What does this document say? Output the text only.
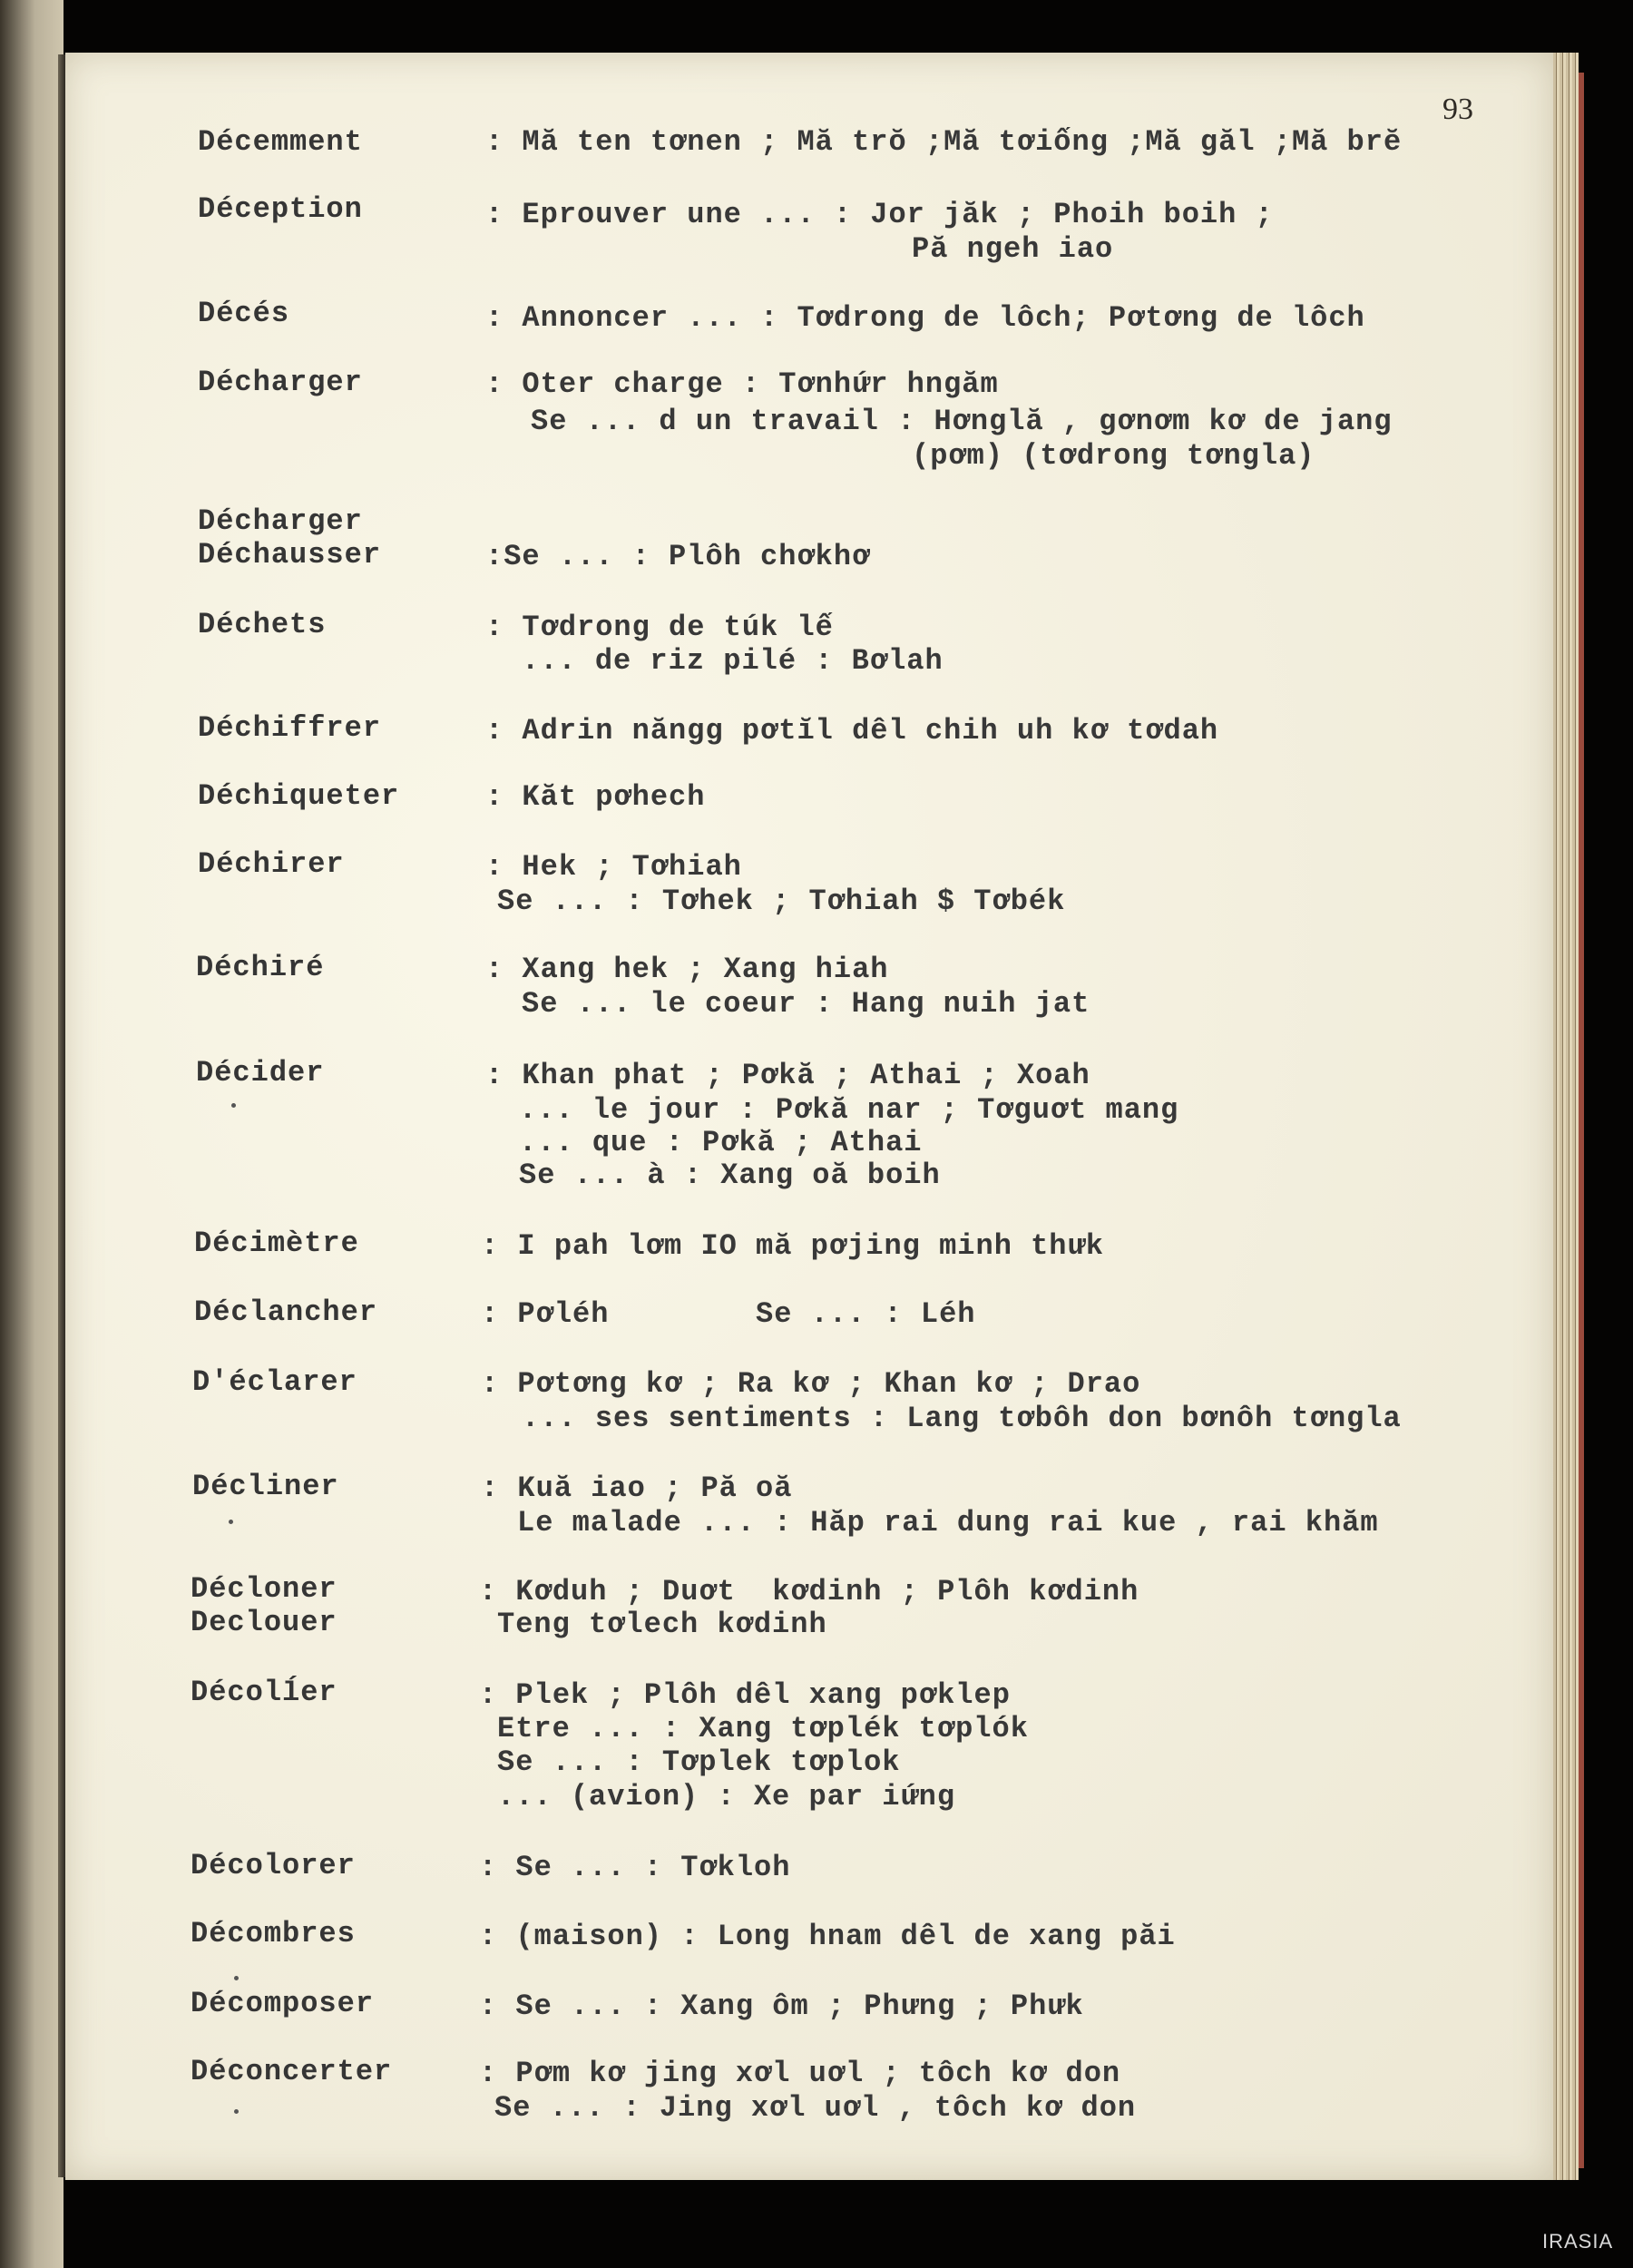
93
Décemment	: Mă ten tơnen ; Mă trŏ ;Mă tơiống ;Mă găl ;Mă brĕ
Déception	: Eprouver une ... : Jor jăk ; Phoih boih ;
Pă ngeh iao
Décés	: Annoncer ... : Tơdrong de lôch; Pơtơng de lôch
Décharger	: Oter charge : Tơnhứr hngăm
Se ... d un travail : Hơnglă , gơnơm kơ de jang
(pơm) (tơdrong tơngla)
Décharger
Déchausser	:Se ... : Plôh chơkhơ
Déchets	: Tơdrong de túk lế
... de riz pilé : Bơlah
Déchiffrer	: Adrin năngg pơtĭl dêl chih uh kơ tơdah
Déchiqueter	: Kăt pơhech
Déchirer	: Hek ; Tơhiah
Se ... : Tơhek ; Tơhiah $ Tơbék
Déchiré	: Xang hek ; Xang hiah
Se ... le coeur : Hang nuih jat
Décider	: Khan phat ; Pơkă ; Athai ; Xoah
... le jour : Pơkă nar ; Tơguơt mang
... que : Pơkă ; Athai
Se ... à : Xang oă boih
Décimètre	: I pah lơm IO mă pơjing minh thưk
Déclancher	: Pơléh        Se ... : Léh
D'éclarer	: Pơtơng kơ ; Ra kơ ; Khan kơ ; Drao
... ses sentiments : Lang tơbôh don bơnôh tơngla
Décliner	: Kuă iao ; Pă oă
Le malade ... : Hăp rai dung rai kue , rai khăm
Décloner	: Kơduh ; Duơt  kơdinh ; Plôh kơdinh
Declouer	Teng tơlech kơdinh
Décolĺer	: Plek ; Plôh dêl xang pơklep
Etre ... : Xang tơplék tơplók
Se ... : Tơplek tơplok
... (avion) : Xe par iứng
Décolorer	: Se ... : Tơkloh
Décombres	: (maison) : Long hnam dêl de xang păi
Décomposer	: Se ... : Xang ôm ; Phưng ; Phưk
Déconcerter	: Pơm kơ jing xơl uơl ; tôch kơ don
Se ... : Jing xơl uơl , tôch kơ don
IRASIA
